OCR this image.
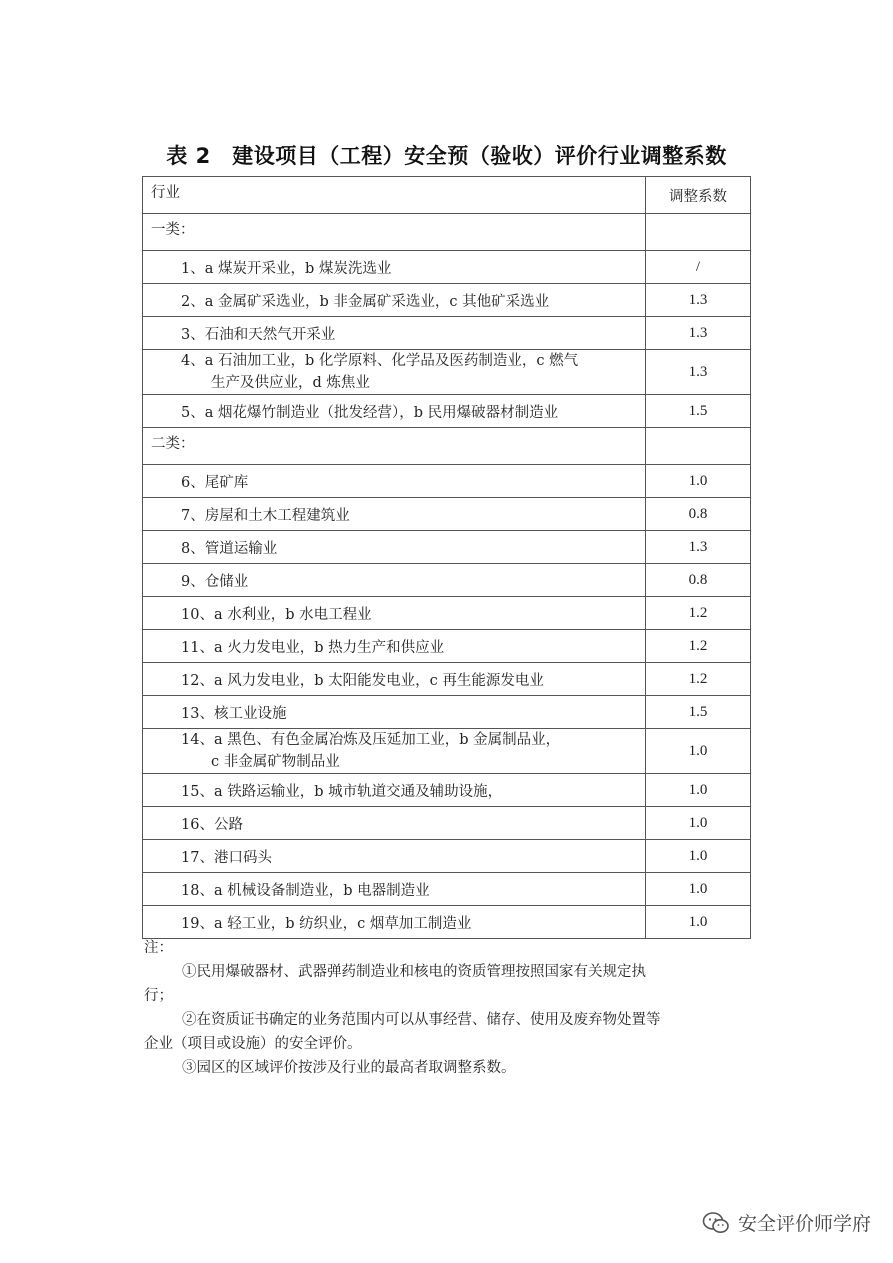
表 2　建设项目（工程）安全预（验收）评价行业调整系数
行业	调整系数
一类：	
1、a 煤炭开采业，b 煤炭洗选业	/
2、a 金属矿采选业，b 非金属矿采选业，c 其他矿采选业	1.3
3、石油和天然气开采业	1.3
4、a 石油加工业，b 化学原料、化学品及医药制造业，c 燃气
生产及供应业，d 炼焦业	1.3
5、a 烟花爆竹制造业（批发经营），b 民用爆破器材制造业	1.5
二类：	
6、尾矿库	1.0
7、房屋和土木工程建筑业	0.8
8、管道运输业	1.3
9、仓储业	0.8
10、a 水利业，b 水电工程业	1.2
11、a 火力发电业，b 热力生产和供应业	1.2
12、a 风力发电业，b 太阳能发电业，c 再生能源发电业	1.2
13、核工业设施	1.5
14、a 黑色、有色金属冶炼及压延加工业，b 金属制品业，
c 非金属矿物制品业	1.0
15、a 铁路运输业，b 城市轨道交通及辅助设施，	1.0
16、公路	1.0
17、港口码头	1.0
18、a 机械设备制造业，b 电器制造业	1.0
19、a 轻工业，b 纺织业，c 烟草加工制造业	1.0

注：

①民用爆破器材、武器弹药制造业和核电的资质管理按照国家有关规定执

行；

②在资质证书确定的业务范围内可以从事经营、储存、使用及废弃物处置等

企业（项目或设施）的安全评价。

③园区的区域评价按涉及行业的最高者取调整系数。

安全评价师学府
